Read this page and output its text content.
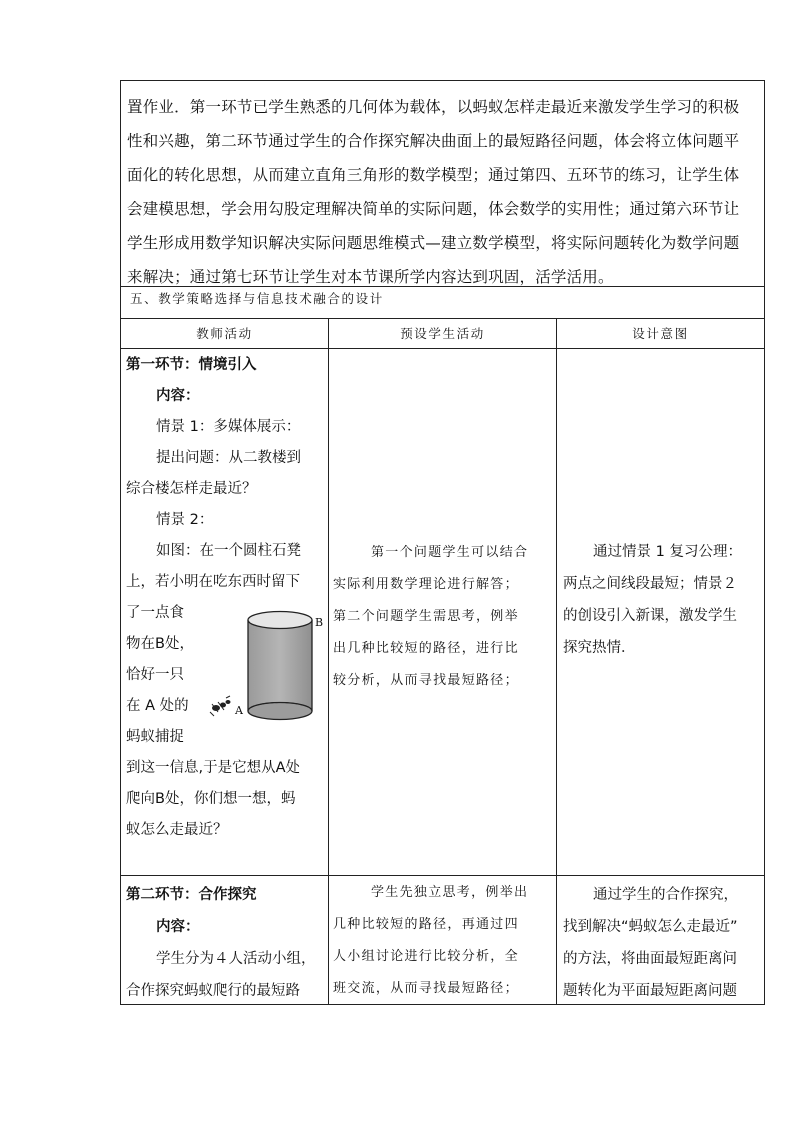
置作业．第一环节已学生熟悉的几何体为载体，以蚂蚁怎样走最近来激发学生学习的积极
性和兴趣，第二环节通过学生的合作探究解决曲面上的最短路径问题，体会将立体问题平
面化的转化思想，从而建立直角三角形的数学模型；通过第四、五环节的练习，让学生体
会建模思想，学会用勾股定理解决简单的实际问题，体会数学的实用性；通过第六环节让
学生形成用数学知识解决实际问题思维模式—建立数学模型，将实际问题转化为数学问题
来解决；通过第七环节让学生对本节课所学内容达到巩固，活学活用。
五、教学策略选择与信息技术融合的设计
教师活动	预设学生活动	设计意图
第一环节：情境引入
内容：
情景 1：多媒体展示：
提出问题：从二教楼到
综合楼怎样走最近？
情景 2：
如图：在一个圆柱石凳
上，若小明在吃东西时留下
了一点食
物在B处，
恰好一只
在 A 处的
蚂蚁捕捉
到这一信息,于是它想从A处
爬向B处，你们想一想，蚂
蚁怎么走最近？
A
B
第一个问题学生可以结合
实际利用数学理论进行解答；
第二个问题学生需思考，例举
出几种比较短的路径，进行比
较分析，从而寻找最短路径；
通过情景 1 复习公理：
两点之间线段最短；情景２
的创设引入新课，激发学生
探究热情．
第二环节：合作探究
内容：
学生分为４人活动小组，
合作探究蚂蚁爬行的最短路
学生先独立思考，例举出
几种比较短的路径，再通过四
人小组讨论进行比较分析，全
班交流，从而寻找最短路径；
通过学生的合作探究，
找到解决“蚂蚁怎么走最近”
的方法，将曲面最短距离问
题转化为平面最短距离问题
